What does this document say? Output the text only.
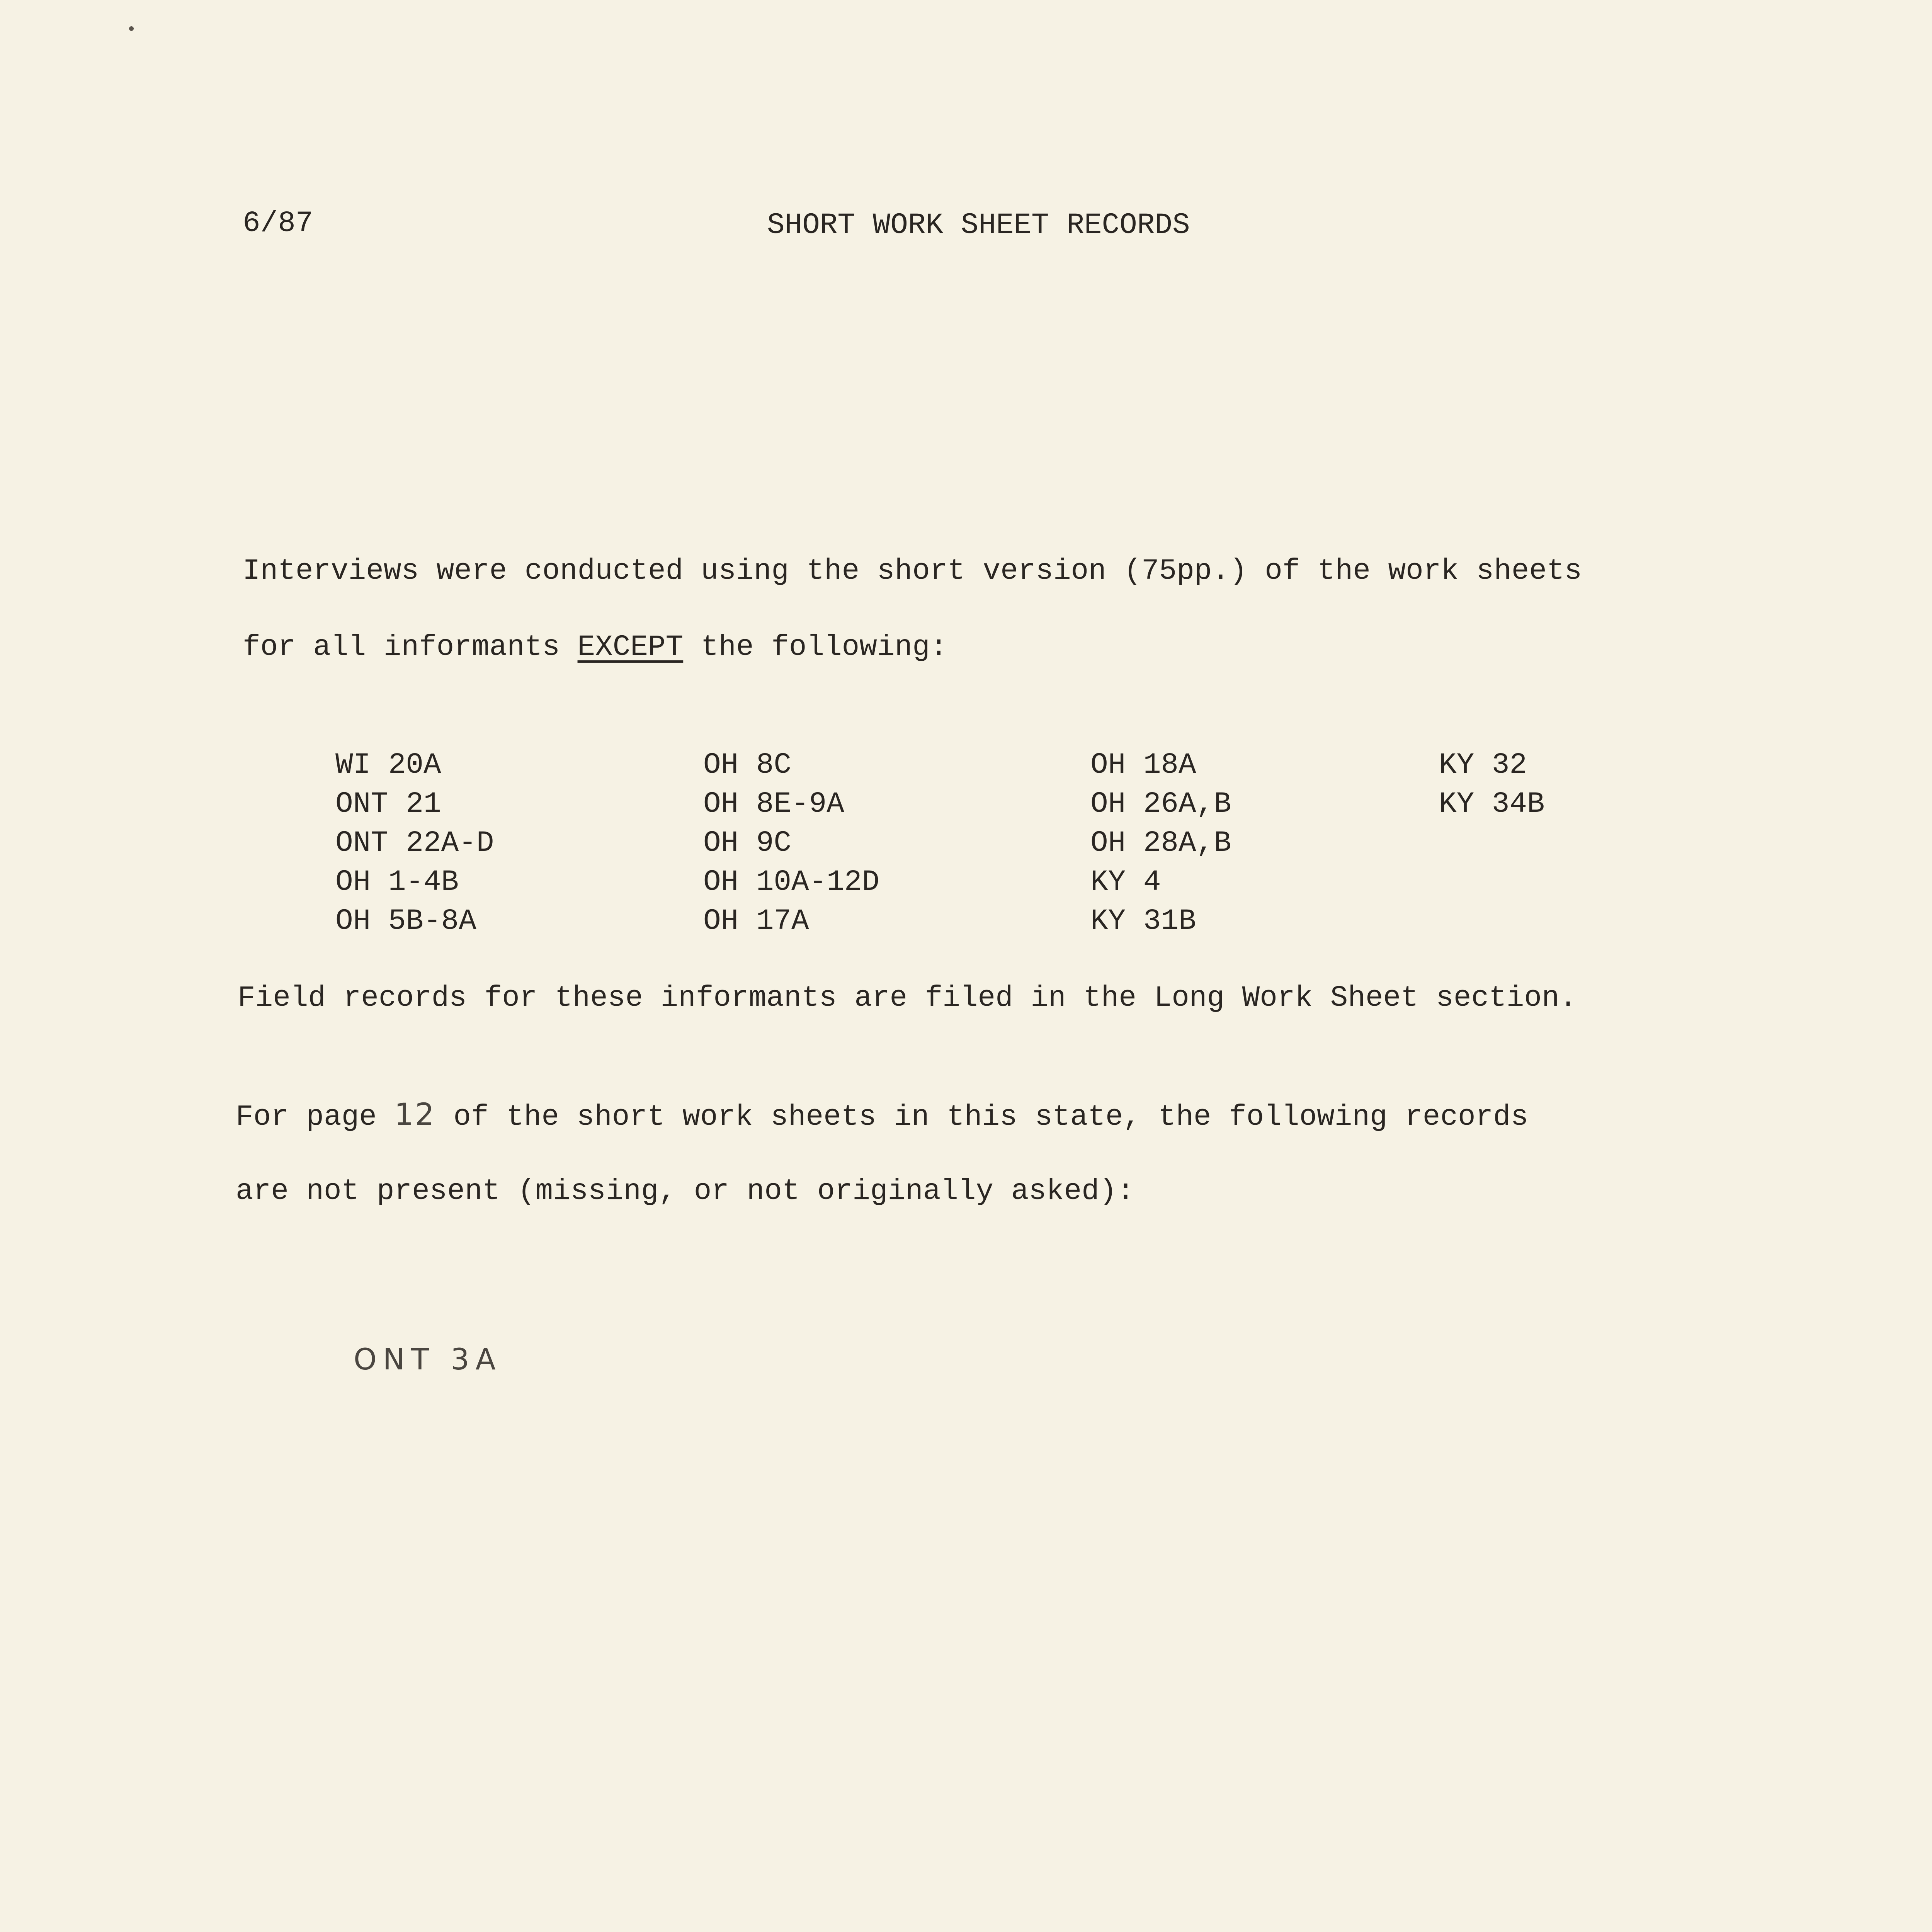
6/87	SHORT WORK SHEET RECORDS
Interviews were conducted using the short version (75pp.) of the work sheets
for all informants EXCEPT the following:
WI 20A
ONT 21
ONT 22A-D
OH 1-4B
OH 5B-8A
OH 8C
OH 8E-9A
OH 9C
OH 10A-12D
OH 17A
OH 18A
OH 26A,B
OH 28A,B
KY 4
KY 31B
KY 32
KY 34B
Field records for these informants are filed in the Long Work Sheet section.
For page 12 of the short work sheets in this state, the following records
are not present (missing, or not originally asked):
ONT 3A
